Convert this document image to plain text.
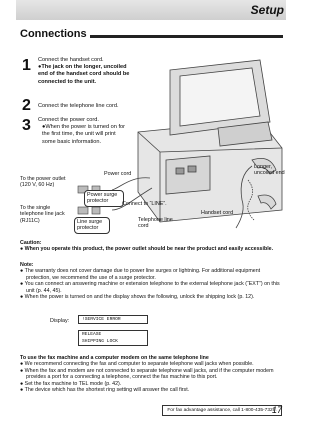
Setup
Connections
1 Connect the handset cord.
●The jack on the longer, uncoiled end of the handset cord should be connected to the unit.
2 Connect the telephone line cord.
3 Connect the power cord.
●When the power is turned on for the first time, the unit will print some basic information.
To the power outlet (120 V, 60 Hz)
Power cord
Power surge protector	Connect to “LINE”.
Longer, uncoiled end
To the single telephone line jack (RJ11C)	Line surge protector
Telephone line cord
Handset cord

Caution:

● When you operate this product, the power outlet should be near the product and easily accessible.

Note:

● The warranty does not cover damage due to power line surges or lightning. For additional equipment protection, we recommend the use of a surge protector.

● You can connect an answering machine or extension telephone to the external telephone jack (“EXT”) on this unit (p. 44, 45).

● When the power is turned on and the display shows the following, unlock the shipping lock (p. 12).

Display:	!SERVICE ERROR
RELEASE
SHIPPING LOCK

To use the fax machine and a computer modem on the same telephone line

● We recommend connecting the fax and computer to separate telephone wall jacks when possible.

● When the fax and modem are not connected to separate telephone wall jacks, and if the computer modem provides a port for a connecting a telephone, connect the fax machine to this port.

● Set the fax machine to TEL mode (p. 42).

● The device which has the shortest ring setting will answer the call first.

For fax advantage assistance, call 1-800-435-7329.
17
